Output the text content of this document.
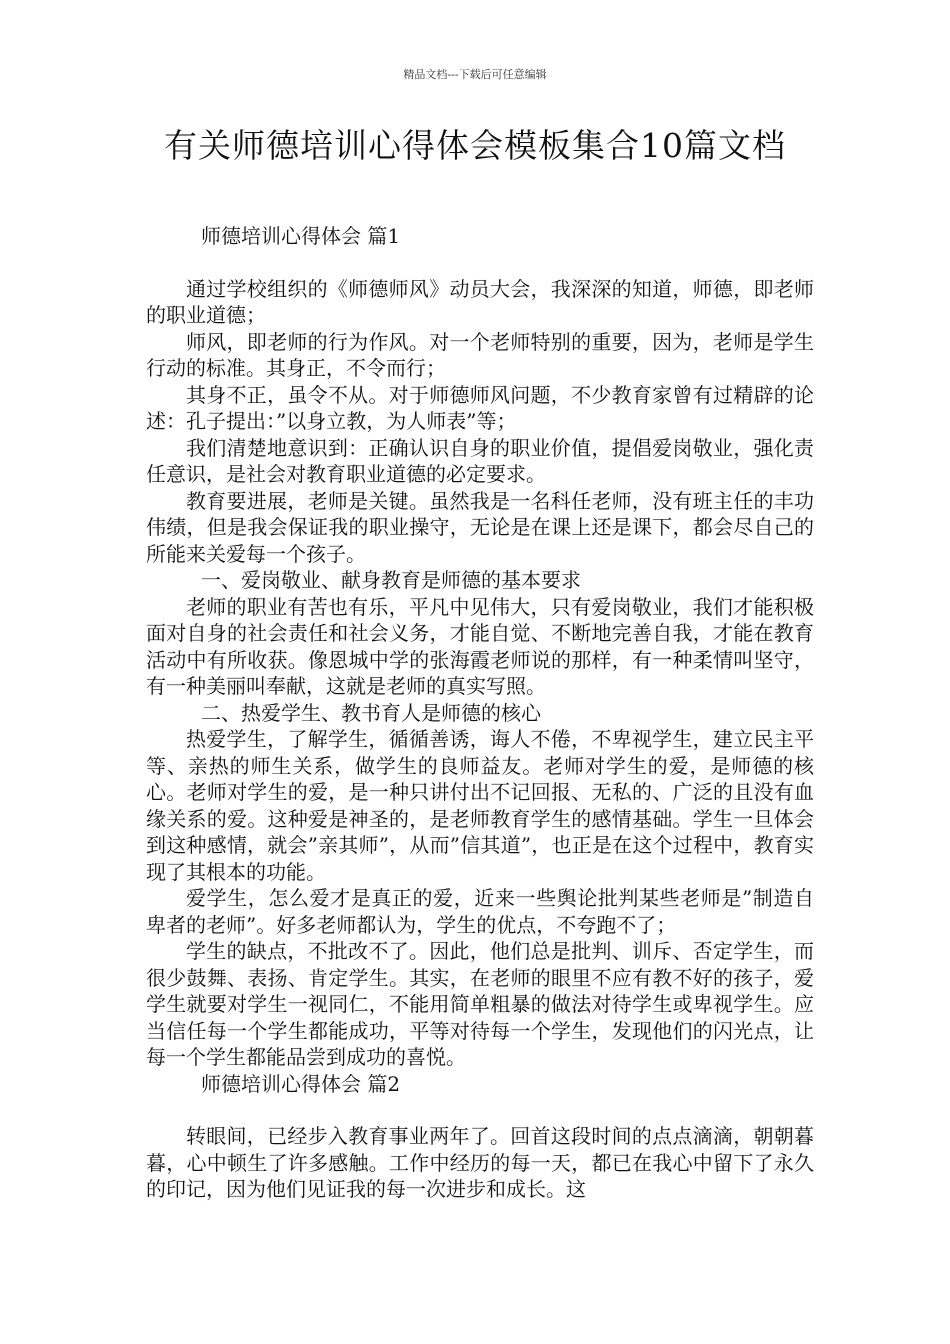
精品文档---下载后可任意编辑
有关师德培训心得体会模板集合10篇文档

师德培训心得体会 篇1

通过学校组织的《师德师风》动员大会，我深深的知道，师德，即老师的职业道德；

师风，即老师的行为作风。对一个老师特别的重要，因为，老师是学生行动的标准。其身正，不令而行；

其身不正，虽令不从。对于师德师风问题，不少教育家曾有过精辟的论述：孔子提出：”以身立教，为人师表”等；

我们清楚地意识到：正确认识自身的职业价值，提倡爱岗敬业，强化责任意识，是社会对教育职业道德的必定要求。

教育要进展，老师是关键。虽然我是一名科任老师，没有班主任的丰功伟绩，但是我会保证我的职业操守，无论是在课上还是课下，都会尽自己的所能来关爱每一个孩子。

一、爱岗敬业、献身教育是师德的基本要求

老师的职业有苦也有乐，平凡中见伟大，只有爱岗敬业，我们才能积极面对自身的社会责任和社会义务，才能自觉、不断地完善自我，才能在教育活动中有所收获。像恩城中学的张海霞老师说的那样，有一种柔情叫坚守，有一种美丽叫奉献，这就是老师的真实写照。

二、热爱学生、教书育人是师德的核心

热爱学生，了解学生，循循善诱，诲人不倦，不卑视学生，建立民主平等、亲热的师生关系，做学生的良师益友。老师对学生的爱，是师德的核心。老师对学生的爱，是一种只讲付出不记回报、无私的、广泛的且没有血缘关系的爱。这种爱是神圣的，是老师教育学生的感情基础。学生一旦体会到这种感情，就会”亲其师”，从而”信其道”，也正是在这个过程中，教育实现了其根本的功能。

爱学生，怎么爱才是真正的爱，近来一些舆论批判某些老师是”制造自卑者的老师”。好多老师都认为，学生的优点，不夸跑不了；

学生的缺点，不批改不了。因此，他们总是批判、训斥、否定学生，而很少鼓舞、表扬、肯定学生。其实，在老师的眼里不应有教不好的孩子，爱学生就要对学生一视同仁，不能用简单粗暴的做法对待学生或卑视学生。应当信任每一个学生都能成功，平等对待每一个学生，发现他们的闪光点，让每一个学生都能品尝到成功的喜悦。

师德培训心得体会 篇2

转眼间，已经步入教育事业两年了。回首这段时间的点点滴滴，朝朝暮暮，心中顿生了许多感触。工作中经历的每一天，都已在我心中留下了永久的印记，因为他们见证我的每一次进步和成长。这
